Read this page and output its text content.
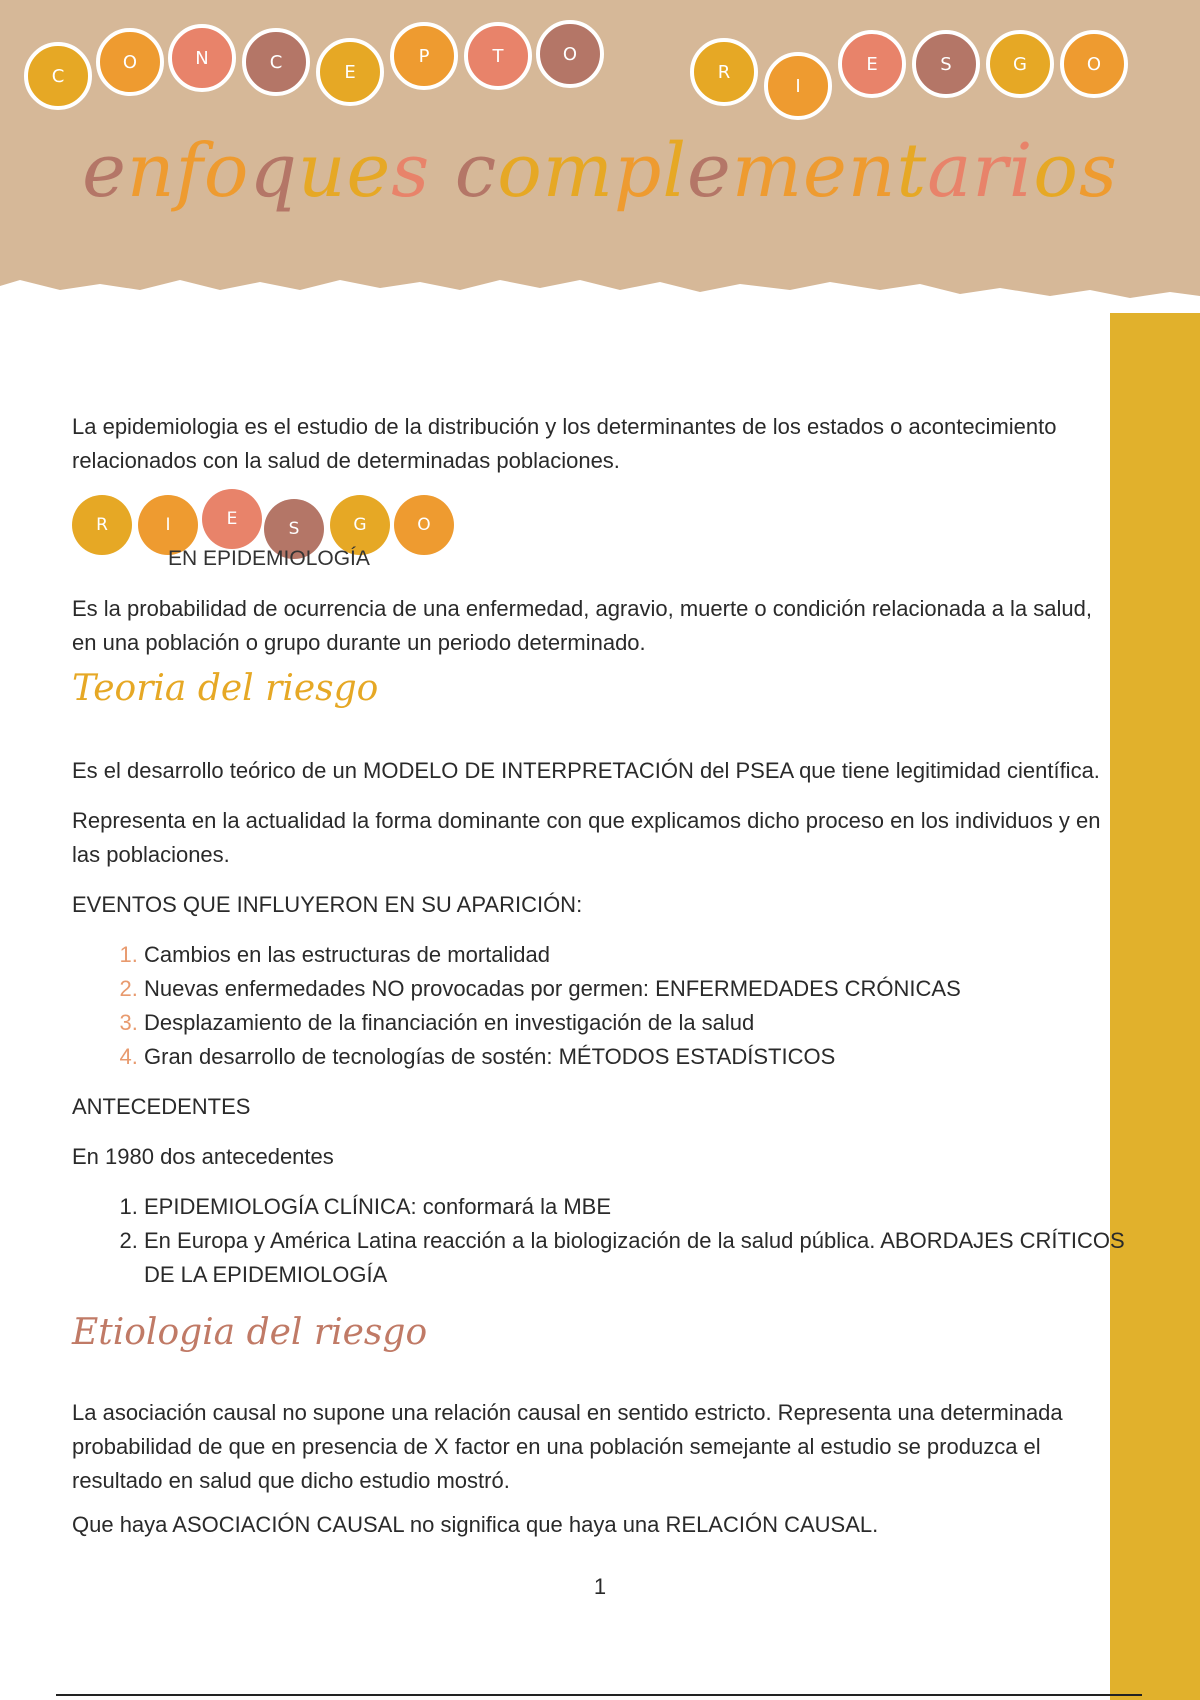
C
O	N	C	E
P	T	O
R
I
E	S	G	O
enfoques complementarios

La epidemiologia es el estudio de la distribución y los determinantes de los estados o acontecimiento relacionados con la salud de determinadas poblaciones.

R	I	E	S	G	O
EN EPIDEMIOLOGÍA

Es la probabilidad de ocurrencia de una enfermedad, agravio, muerte o condición relacionada a la salud, en una población o grupo durante un periodo determinado.

Teoria del riesgo

Es el desarrollo teórico de un MODELO DE INTERPRETACIÓN del PSEA que tiene legitimidad científica.

Representa en la actualidad la forma dominante con que explicamos dicho proceso en los individuos y en las poblaciones.

EVENTOS QUE INFLUYERON EN SU APARICIÓN:

1. Cambios en las estructuras de mortalidad
2. Nuevas enfermedades NO provocadas por germen: ENFERMEDADES CRÓNICAS
3. Desplazamiento de la financiación en investigación de la salud
4. Gran desarrollo de tecnologías de sostén: MÉTODOS ESTADÍSTICOS

ANTECEDENTES

En 1980 dos antecedentes

1. EPIDEMIOLOGÍA CLÍNICA: conformará la MBE
2. En Europa y América Latina reacción a la biologización de la salud pública. ABORDAJES CRÍTICOS DE LA EPIDEMIOLOGÍA
Etiologia del riesgo

La asociación causal no supone una relación causal en sentido estricto. Representa una determinada probabilidad de que en presencia de X factor en una población semejante al estudio se produzca el resultado en salud que dicho estudio mostró.

Que haya ASOCIACIÓN CAUSAL no significa que haya una RELACIÓN CAUSAL.

1
